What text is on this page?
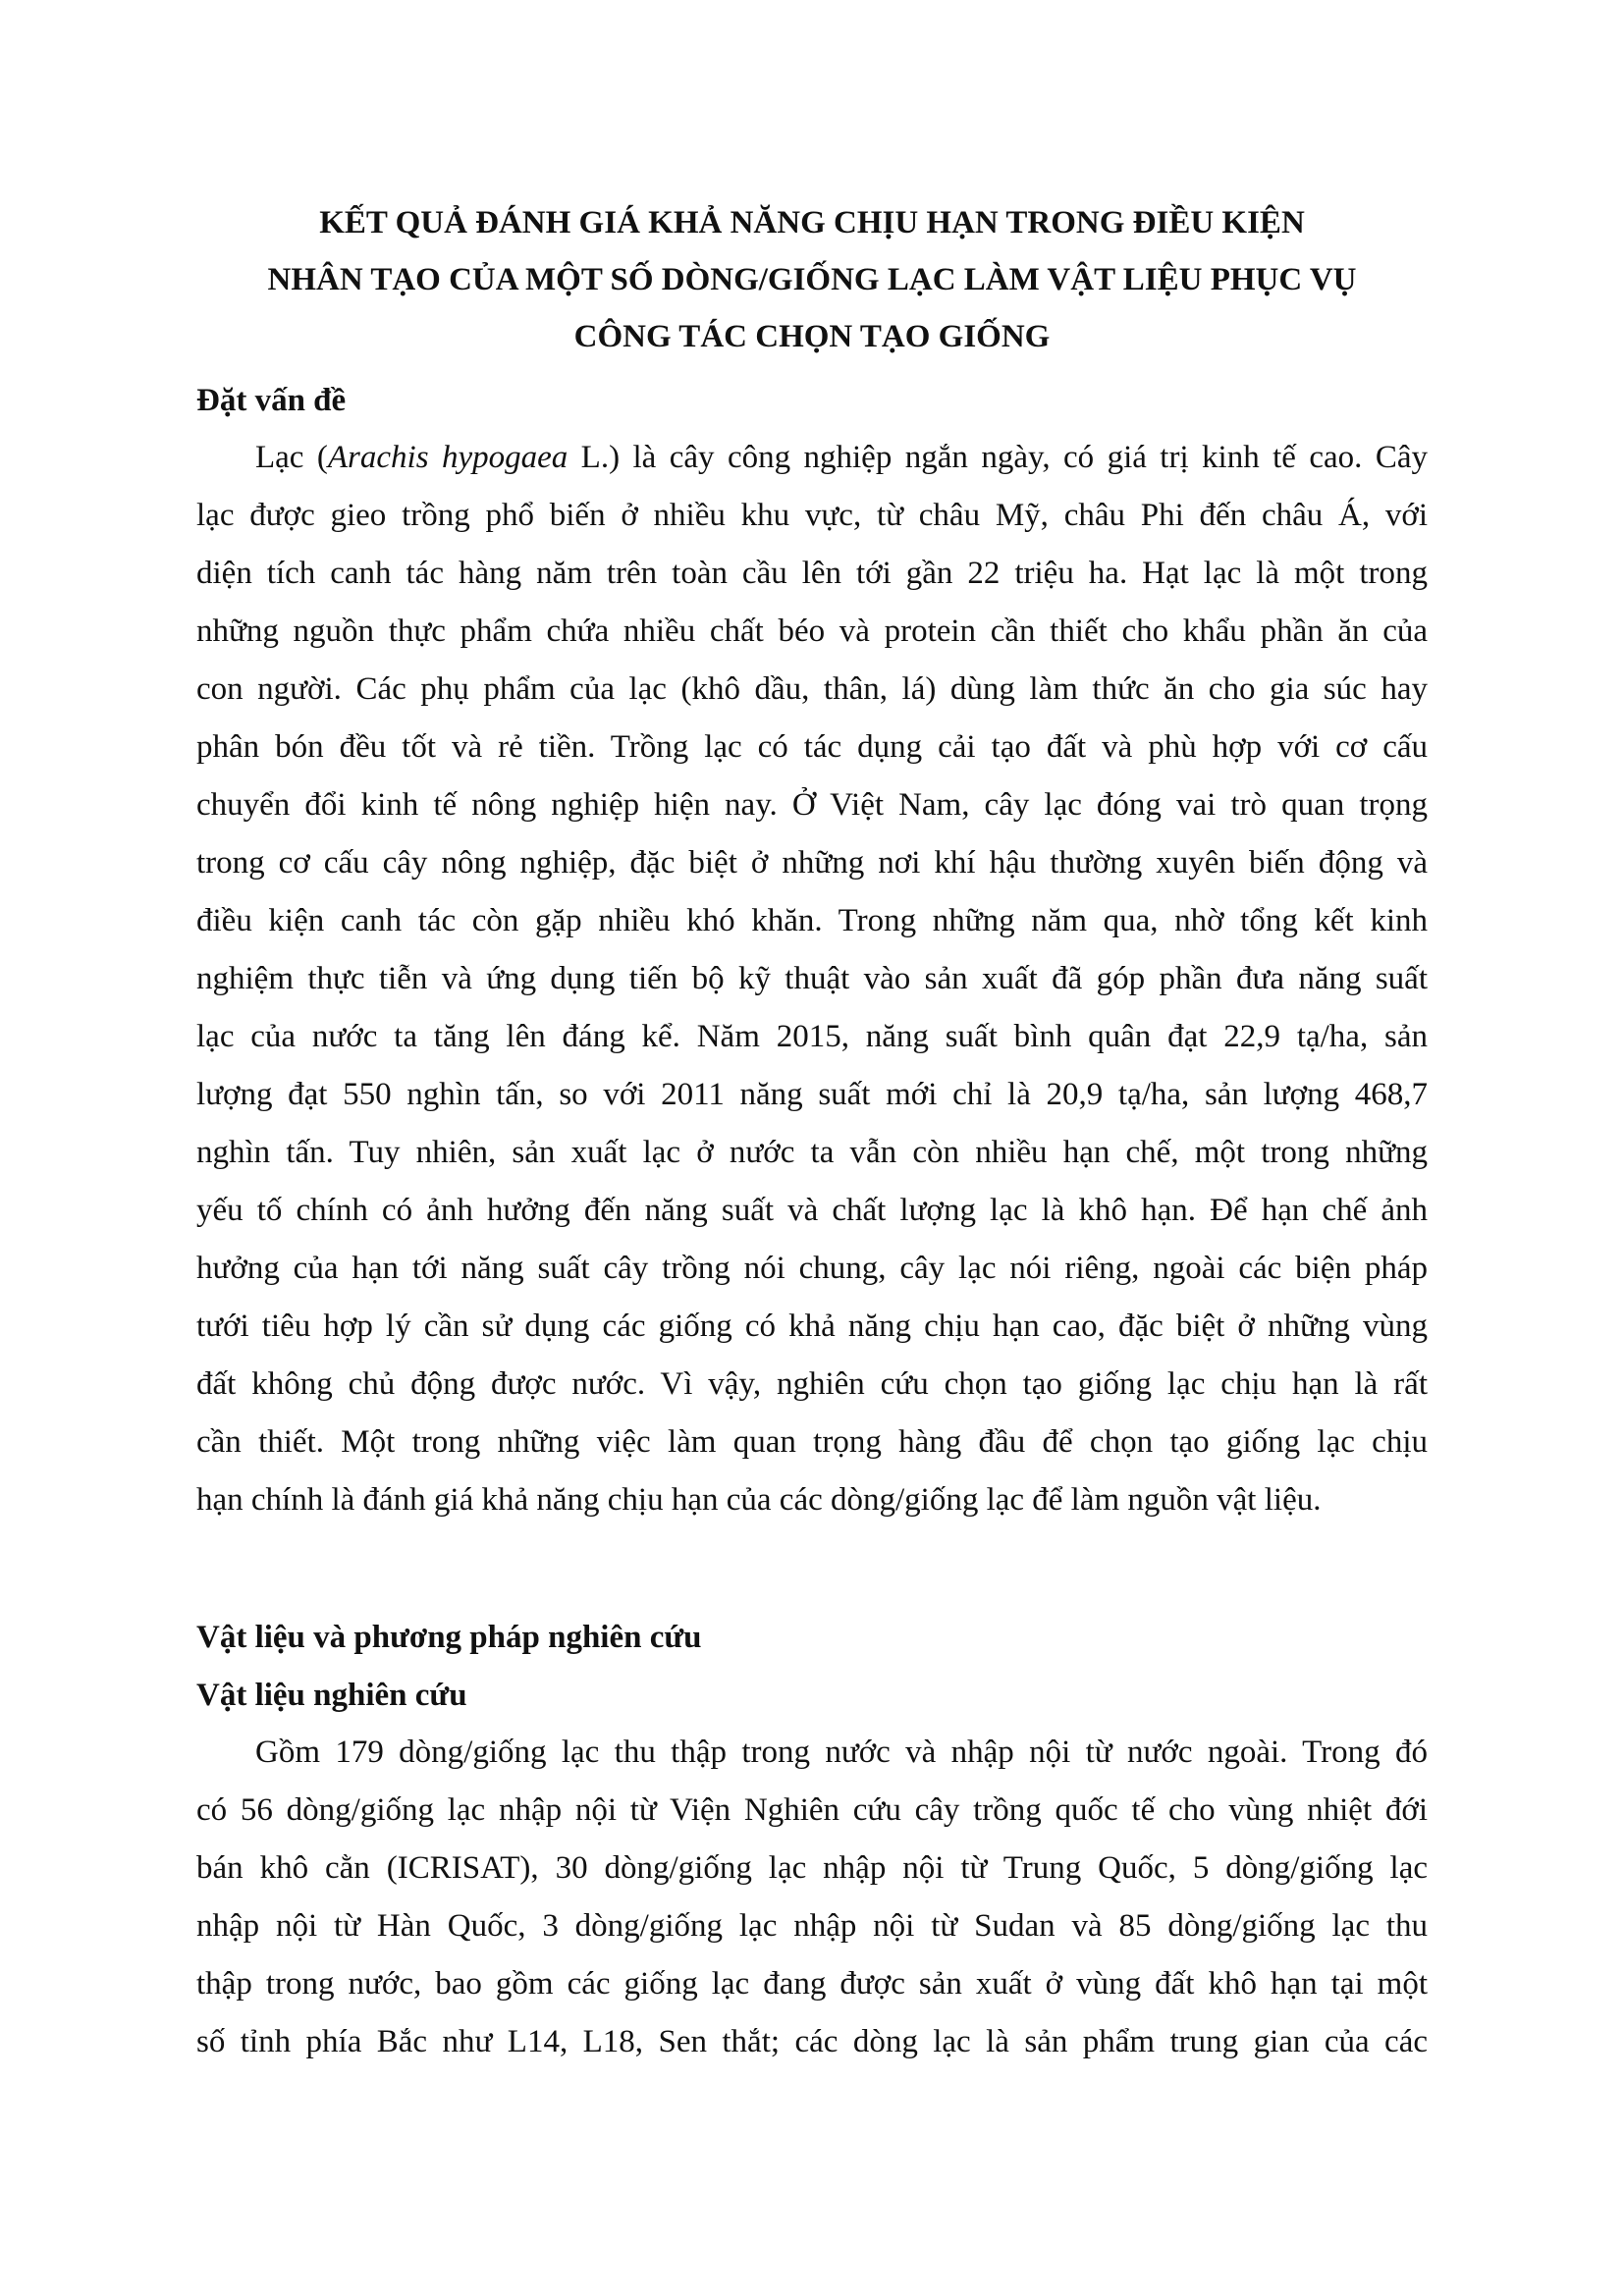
KẾT QUẢ ĐÁNH GIÁ KHẢ NĂNG CHỊU HẠN TRONG ĐIỀU KIỆN
NHÂN TẠO CỦA MỘT SỐ DÒNG/GIỐNG LẠC LÀM VẬT LIỆU PHỤC VỤ
CÔNG TÁC CHỌN TẠO GIỐNG
Đặt vấn đề
Lạc (Arachis hypogaea L.) là cây công nghiệp ngắn ngày, có giá trị kinh tế cao. Cây
lạc được gieo trồng phổ biến ở nhiều khu vực, từ châu Mỹ, châu Phi đến châu Á, với
diện tích canh tác hàng năm trên toàn cầu lên tới gần 22 triệu ha. Hạt lạc là một trong
những nguồn thực phẩm chứa nhiều chất béo và protein cần thiết cho khẩu phần ăn của
con người. Các phụ phẩm của lạc (khô dầu, thân, lá) dùng làm thức ăn cho gia súc hay
phân bón đều tốt và rẻ tiền. Trồng lạc có tác dụng cải tạo đất và phù hợp với cơ cấu
chuyển đổi kinh tế nông nghiệp hiện nay. Ở Việt Nam, cây lạc đóng vai trò quan trọng
trong cơ cấu cây nông nghiệp, đặc biệt ở những nơi khí hậu thường xuyên biến động và
điều kiện canh tác còn gặp nhiều khó khăn. Trong những năm qua, nhờ tổng kết kinh
nghiệm thực tiễn và ứng dụng tiến bộ kỹ thuật vào sản xuất đã góp phần đưa năng suất
lạc của nước ta tăng lên đáng kể. Năm 2015, năng suất bình quân đạt 22,9 tạ/ha, sản
lượng đạt 550 nghìn tấn, so với 2011 năng suất mới chỉ là 20,9 tạ/ha, sản lượng 468,7
nghìn tấn. Tuy nhiên, sản xuất lạc ở nước ta vẫn còn nhiều hạn chế, một trong những
yếu tố chính có ảnh hưởng đến năng suất và chất lượng lạc là khô hạn. Để hạn chế ảnh
hưởng của hạn tới năng suất cây trồng nói chung, cây lạc nói riêng, ngoài các biện pháp
tưới tiêu hợp lý cần sử dụng các giống có khả năng chịu hạn cao, đặc biệt ở những vùng
đất không chủ động được nước. Vì vậy, nghiên cứu chọn tạo giống lạc chịu hạn là rất
cần thiết. Một trong những việc làm quan trọng hàng đầu để chọn tạo giống lạc chịu
hạn chính là đánh giá khả năng chịu hạn của các dòng/giống lạc để làm nguồn vật liệu.
Vật liệu và phương pháp nghiên cứu
Vật liệu nghiên cứu
Gồm 179 dòng/giống lạc thu thập trong nước và nhập nội từ nước ngoài. Trong đó
có 56 dòng/giống lạc nhập nội từ Viện Nghiên cứu cây trồng quốc tế cho vùng nhiệt đới
bán khô cằn (ICRISAT), 30 dòng/giống lạc nhập nội từ Trung Quốc, 5 dòng/giống lạc
nhập nội từ Hàn Quốc, 3 dòng/giống lạc nhập nội từ Sudan và 85 dòng/giống lạc thu
thập trong nước, bao gồm các giống lạc đang được sản xuất ở vùng đất khô hạn tại một
số tỉnh phía Bắc như L14, L18, Sen thắt; các dòng lạc là sản phẩm trung gian của các
